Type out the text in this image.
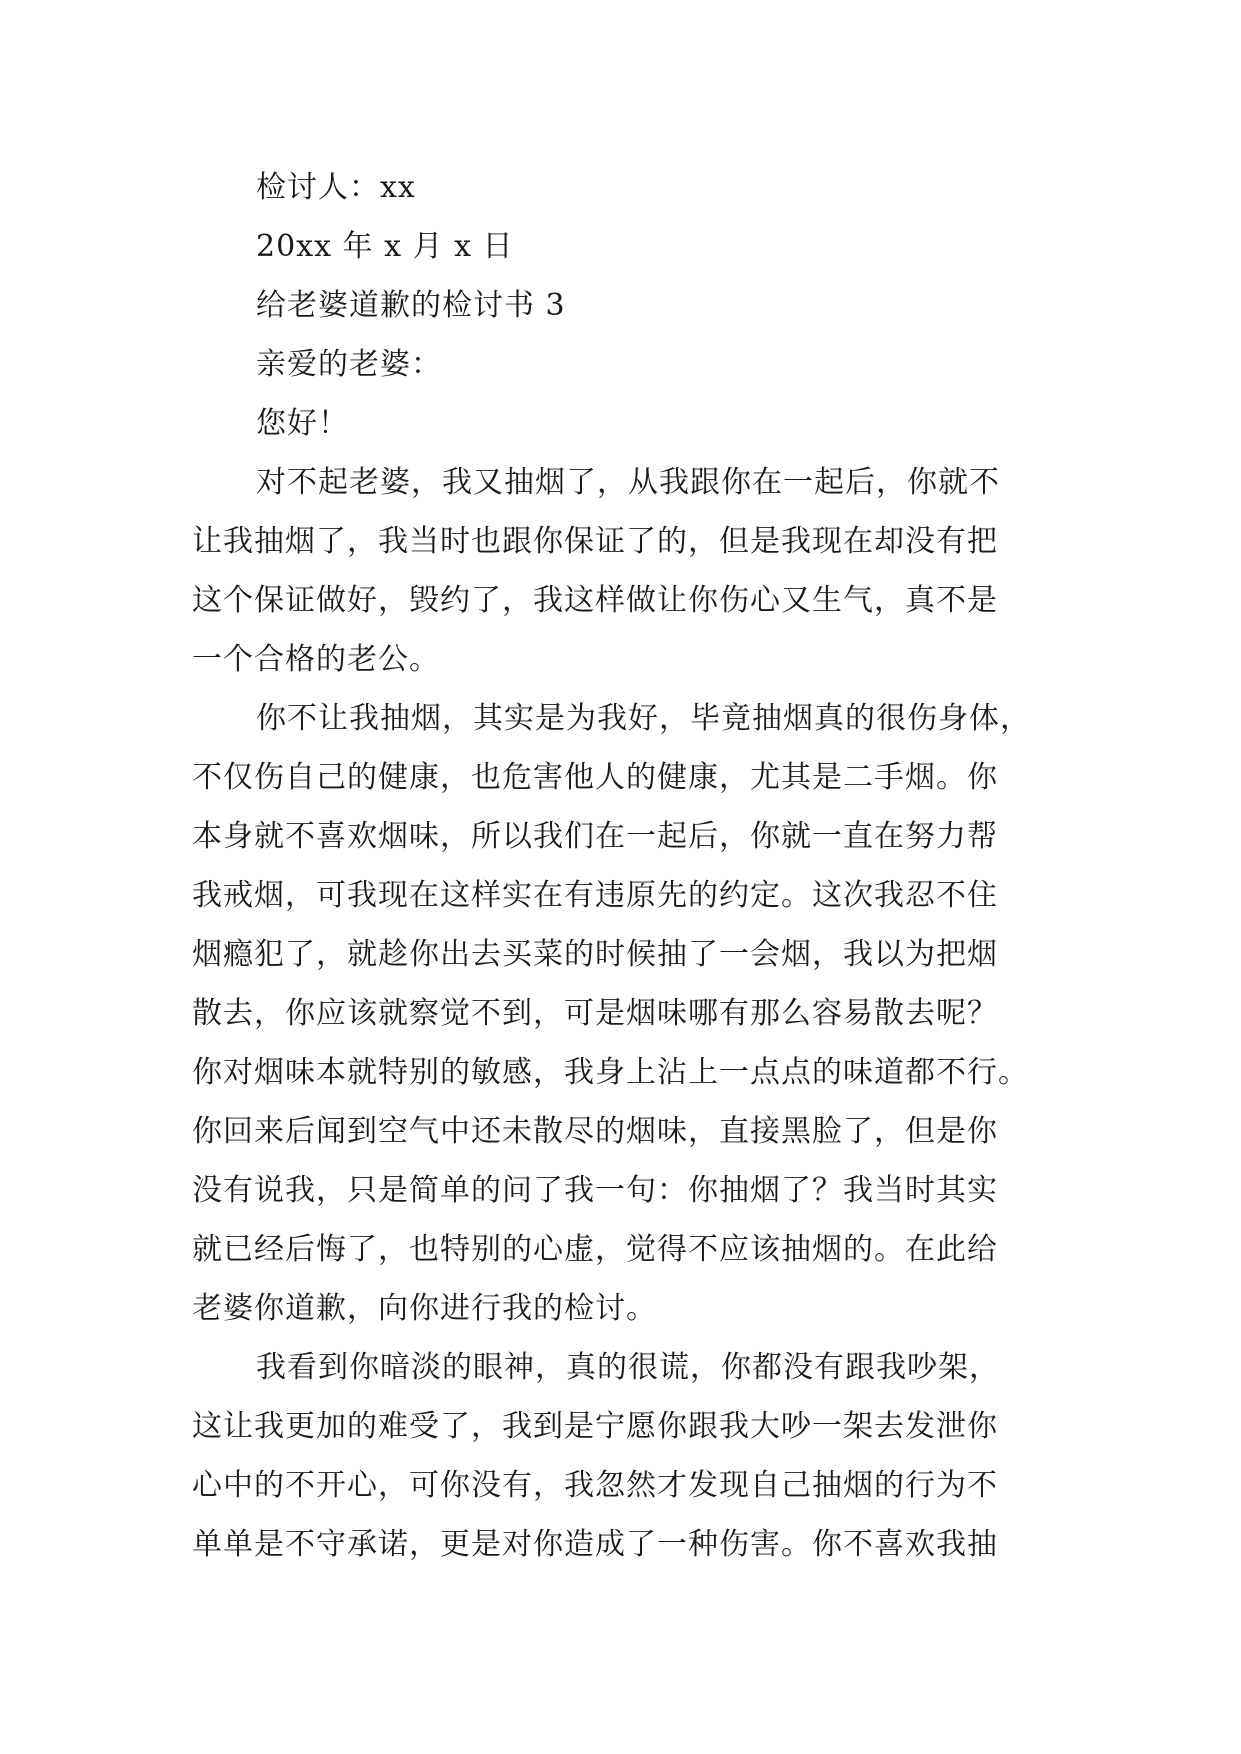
检讨人：xx
20xx 年 x 月 x 日
给老婆道歉的检讨书 3
亲爱的老婆：
您好！
对不起老婆，我又抽烟了，从我跟你在一起后，你就不
让我抽烟了，我当时也跟你保证了的，但是我现在却没有把
这个保证做好，毁约了，我这样做让你伤心又生气，真不是
一个合格的老公。
你不让我抽烟，其实是为我好，毕竟抽烟真的很伤身体，
不仅伤自己的健康，也危害他人的健康，尤其是二手烟。你
本身就不喜欢烟味，所以我们在一起后，你就一直在努力帮
我戒烟，可我现在这样实在有违原先的约定。这次我忍不住
烟瘾犯了，就趁你出去买菜的时候抽了一会烟，我以为把烟
散去，你应该就察觉不到，可是烟味哪有那么容易散去呢？
你对烟味本就特别的敏感，我身上沾上一点点的味道都不行。
你回来后闻到空气中还未散尽的烟味，直接黑脸了，但是你
没有说我，只是简单的问了我一句：你抽烟了？我当时其实
就已经后悔了，也特别的心虚，觉得不应该抽烟的。在此给
老婆你道歉，向你进行我的检讨。
我看到你暗淡的眼神，真的很谎，你都没有跟我吵架，
这让我更加的难受了，我到是宁愿你跟我大吵一架去发泄你
心中的不开心，可你没有，我忽然才发现自己抽烟的行为不
单单是不守承诺，更是对你造成了一种伤害。你不喜欢我抽
